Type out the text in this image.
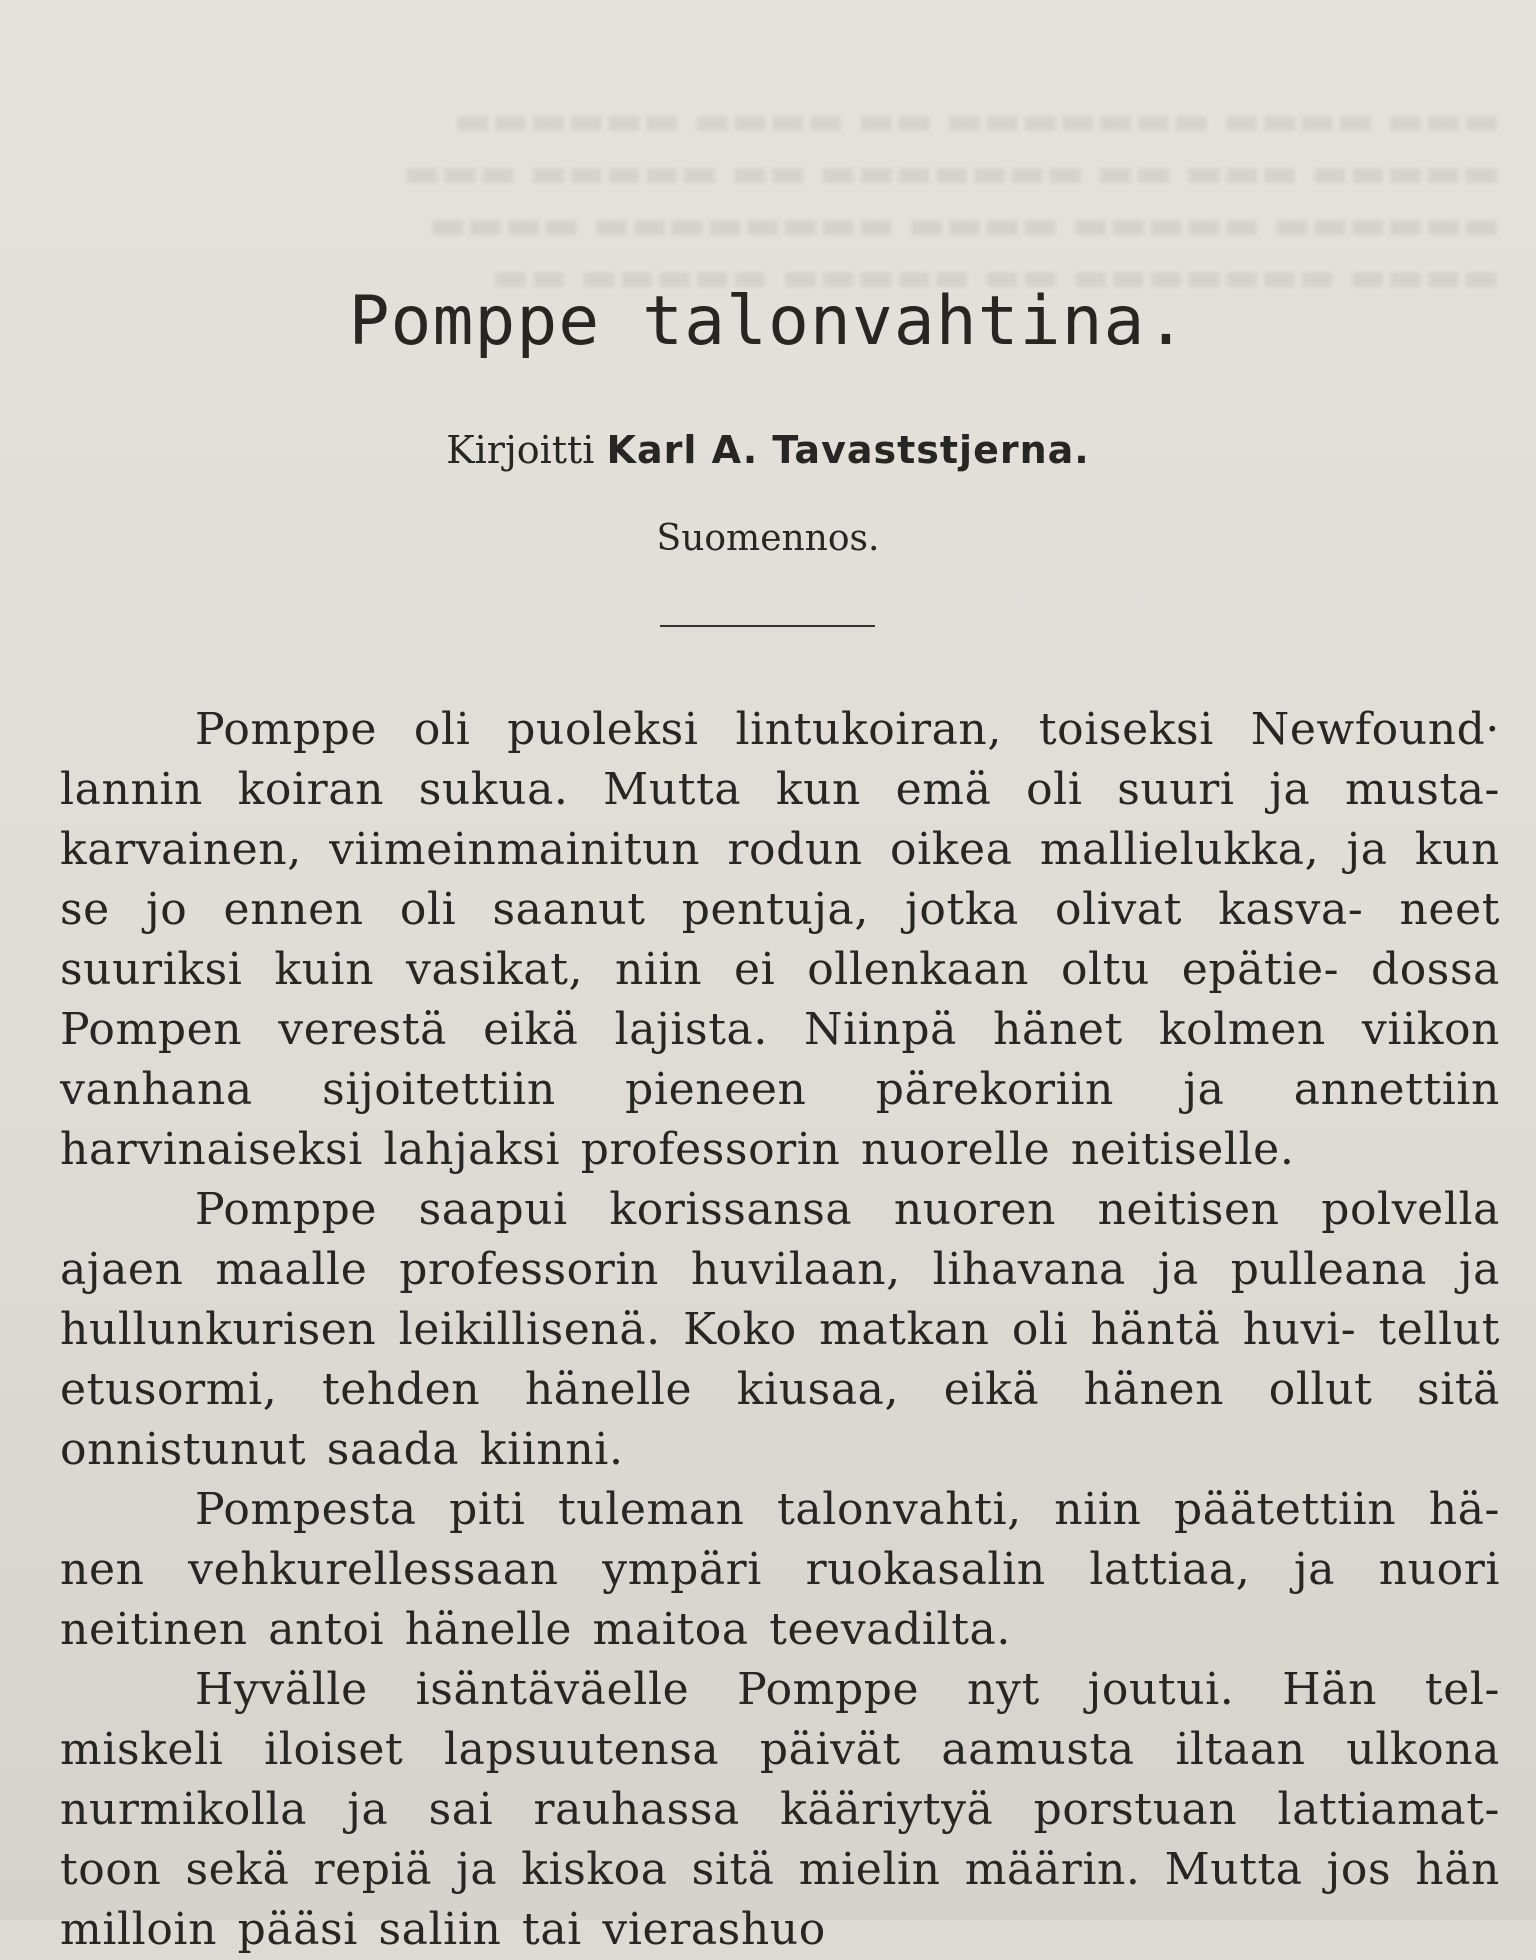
▬▬▬ ▬▬▬▬ ▬▬▬▬▬▬▬ ▬▬ ▬▬▬▬ ▬▬▬▬▬▬
▬▬▬▬▬ ▬▬▬ ▬▬ ▬▬▬▬▬▬▬ ▬▬ ▬▬▬▬▬ ▬▬▬
▬▬▬▬▬▬ ▬▬▬▬▬ ▬▬▬▬ ▬▬▬▬▬▬▬▬ ▬▬▬▬
▬▬▬▬ ▬▬▬▬▬▬▬ ▬▬ ▬▬▬▬▬ ▬▬▬▬▬ ▬▬
Pomppe talonvahtina.

Kirjoitti Karl A. Tavaststjerna.

Suomennos.

Pomppe oli puoleksi lintukoiran, toiseksi Newfound· lannin koiran sukua. Mutta kun emä oli suuri ja musta- karvainen, viimeinmainitun rodun oikea mallielukka, ja kun se jo ennen oli saanut pentuja, jotka olivat kasva- neet suuriksi kuin vasikat, niin ei ollenkaan oltu epätie- dossa Pompen verestä eikä lajista. Niinpä hänet kolmen viikon vanhana sijoitettiin pieneen pärekoriin ja annettiin harvinaiseksi lahjaksi professorin nuorelle neitiselle.

Pomppe saapui korissansa nuoren neitisen polvella ajaen maalle professorin huvilaan, lihavana ja pulleana ja hullunkurisen leikillisenä. Koko matkan oli häntä huvi- tellut etusormi, tehden hänelle kiusaa, eikä hänen ollut sitä onnistunut saada kiinni.

Pompesta piti tuleman talonvahti, niin päätettiin hä- nen vehkurellessaan ympäri ruokasalin lattiaa, ja nuori neitinen antoi hänelle maitoa teevadilta.

Hyvälle isäntäväelle Pomppe nyt joutui. Hän tel- miskeli iloiset lapsuutensa päivät aamusta iltaan ulkona nurmikolla ja sai rauhassa kääriytyä porstuan lattiamat- toon sekä repiä ja kiskoa sitä mielin määrin. Mutta jos hän milloin pääsi saliin tai vierashuo
